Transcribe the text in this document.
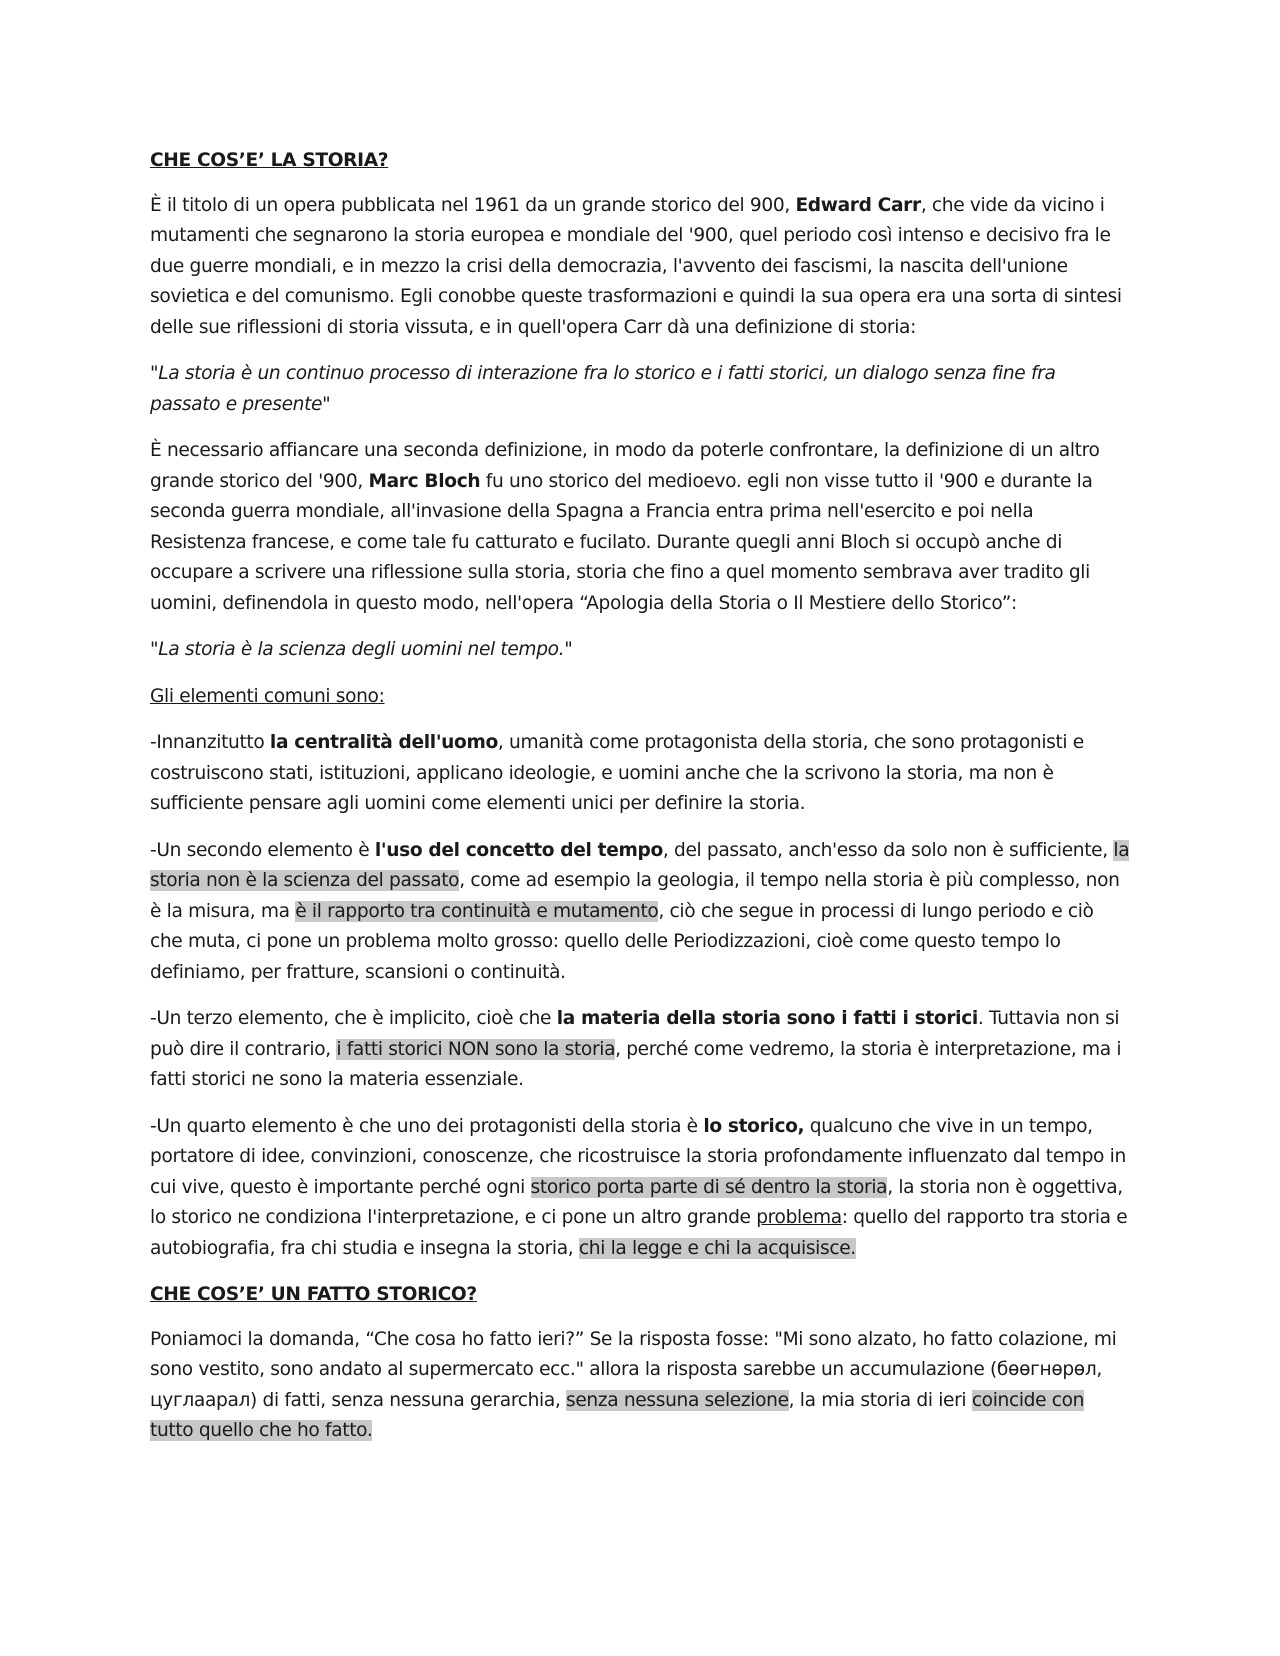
CHE COS’E’ LA STORIA?

È il titolo di un opera pubblicata nel 1961 da un grande storico del 900, Edward Carr, che vide da vicino i mutamenti che segnarono la storia europea e mondiale del '900, quel periodo così intenso e decisivo fra le due guerre mondiali, e in mezzo la crisi della democrazia, l'avvento dei fascismi, la nascita dell'unione sovietica e del comunismo. Egli conobbe queste trasformazioni e quindi la sua opera era una sorta di sintesi delle sue riflessioni di storia vissuta, e in quell'opera Carr dà una definizione di storia:

"La storia è un continuo processo di interazione fra lo storico e i fatti storici, un dialogo senza fine fra passato e presente"

È necessario affiancare una seconda definizione, in modo da poterle confrontare, la definizione di un altro grande storico del '900, Marc Bloch fu uno storico del medioevo. egli non visse tutto il '900 e durante la seconda guerra mondiale, all'invasione della Spagna a Francia entra prima nell'esercito e poi nella Resistenza francese, e come tale fu catturato e fucilato. Durante quegli anni Bloch si occupò anche di occupare a scrivere una riflessione sulla storia, storia che fino a quel momento sembrava aver tradito gli uomini, definendola in questo modo, nell'opera “Apologia della Storia o Il Mestiere dello Storico”:

"La storia è la scienza degli uomini nel tempo."

Gli elementi comuni sono:

-Innanzitutto la centralità dell'uomo, umanità come protagonista della storia, che sono protagonisti e costruiscono stati, istituzioni, applicano ideologie, e uomini anche che la scrivono la storia, ma non è sufficiente pensare agli uomini come elementi unici per definire la storia.

-Un secondo elemento è l'uso del concetto del tempo, del passato, anch'esso da solo non è sufficiente, la storia non è la scienza del passato, come ad esempio la geologia, il tempo nella storia è più complesso, non è la misura, ma è il rapporto tra continuità e mutamento, ciò che segue in processi di lungo periodo e ciò che muta, ci pone un problema molto grosso: quello delle Periodizzazioni, cioè come questo tempo lo definiamo, per fratture, scansioni o continuità.

-Un terzo elemento, che è implicito, cioè che la materia della storia sono i fatti i storici. Tuttavia non si può dire il contrario, i fatti storici NON sono la storia, perché come vedremo, la storia è interpretazione, ma i fatti storici ne sono la materia essenziale.

-Un quarto elemento è che uno dei protagonisti della storia è lo storico, qualcuno che vive in un tempo, portatore di idee, convinzioni, conoscenze, che ricostruisce la storia profondamente influenzato dal tempo in cui vive, questo è importante perché ogni storico porta parte di sé dentro la storia, la storia non è oggettiva, lo storico ne condiziona l'interpretazione, e ci pone un altro grande problema: quello del rapporto tra storia e autobiografia, fra chi studia e insegna la storia, chi la legge e chi la acquisisce.

CHE COS’E’ UN FATTO STORICO?

Poniamoci la domanda, “Che cosa ho fatto ieri?” Se la risposta fosse: "Mi sono alzato, ho fatto colazione, mi sono vestito, sono andato al supermercato ecc." allora la risposta sarebbe un accumulazione (бөөгнөрөл, цуглаарал) di fatti, senza nessuna gerarchia, senza nessuna selezione, la mia storia di ieri coincide con tutto quello che ho fatto.
